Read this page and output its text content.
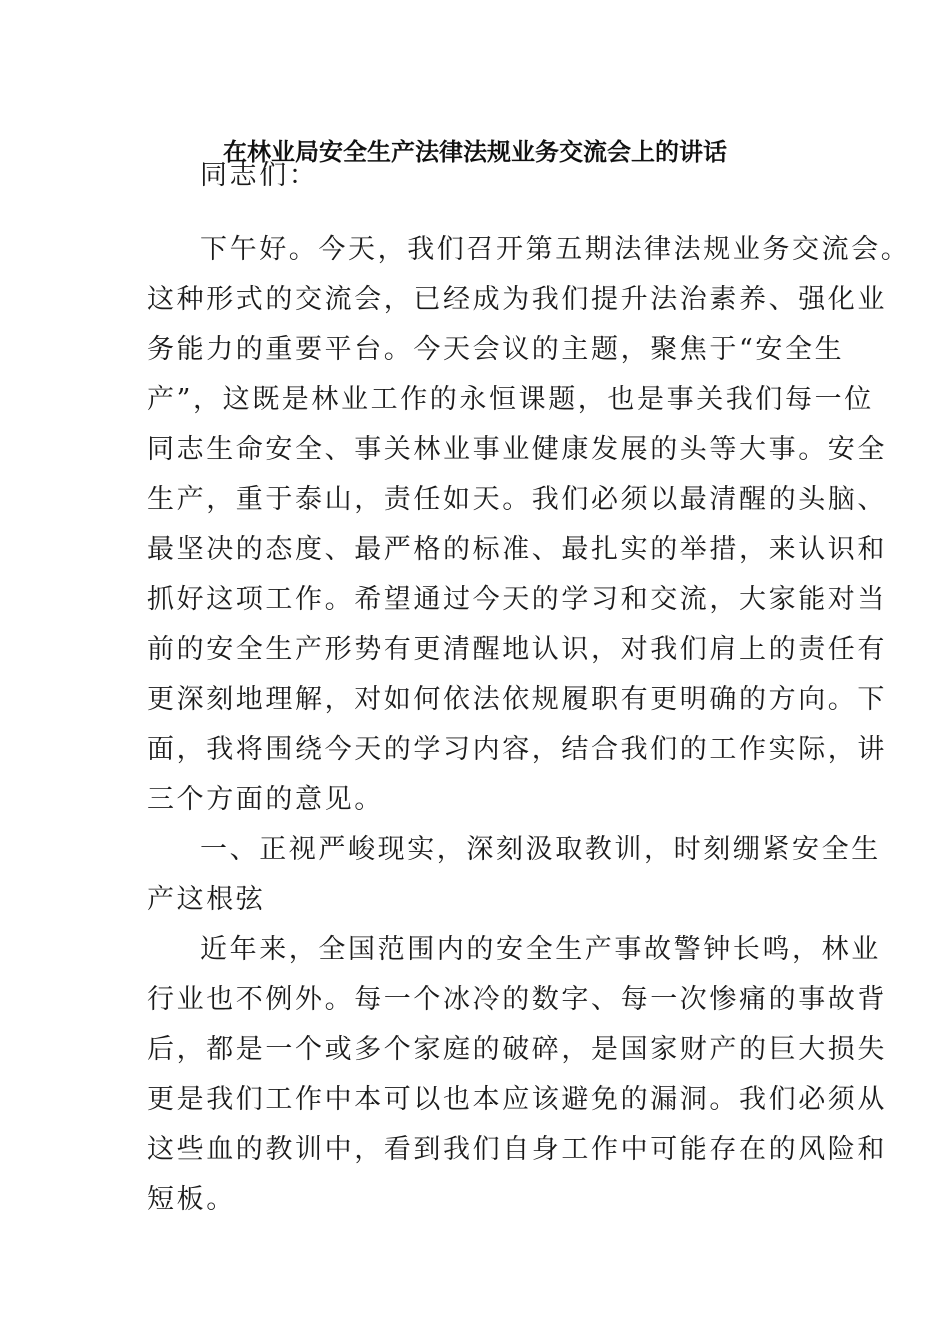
在林业局安全生产法律法规业务交流会上的讲话

同志们：

下午好。今天，我们召开第五期法律法规业务交流会。

这种形式的交流会，已经成为我们提升法治素养、强化业

务能力的重要平台。今天会议的主题，聚焦于“安全生

产”，这既是林业工作的永恒课题，也是事关我们每一位

同志生命安全、事关林业事业健康发展的头等大事。安全

生产，重于泰山，责任如天。我们必须以最清醒的头脑、

最坚决的态度、最严格的标准、最扎实的举措，来认识和

抓好这项工作。希望通过今天的学习和交流，大家能对当

前的安全生产形势有更清醒地认识，对我们肩上的责任有

更深刻地理解，对如何依法依规履职有更明确的方向。下

面，我将围绕今天的学习内容，结合我们的工作实际，讲

三个方面的意见。

一、正视严峻现实，深刻汲取教训，时刻绷紧安全生

产这根弦

近年来，全国范围内的安全生产事故警钟长鸣，林业

行业也不例外。每一个冰冷的数字、每一次惨痛的事故背

后，都是一个或多个家庭的破碎，是国家财产的巨大损失

更是我们工作中本可以也本应该避免的漏洞。我们必须从

这些血的教训中，看到我们自身工作中可能存在的风险和

短板。
